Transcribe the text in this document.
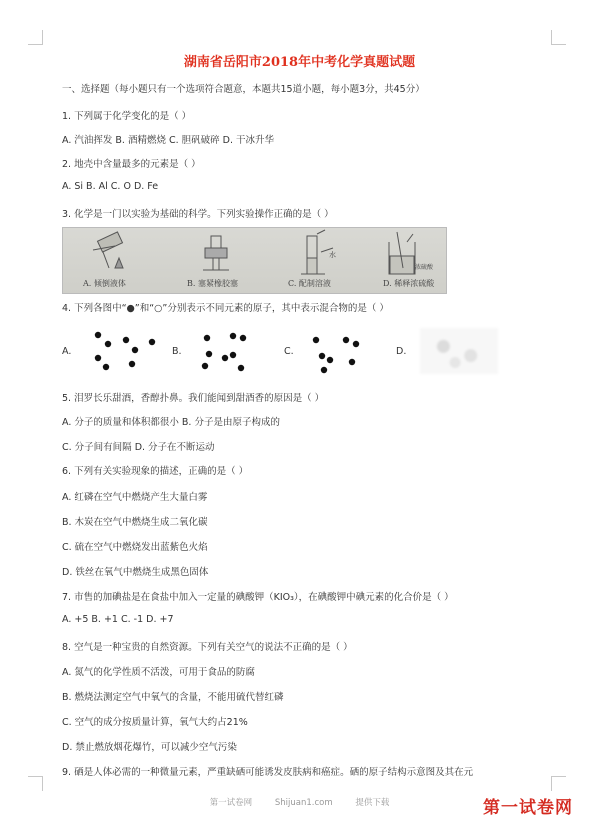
湖南省岳阳市2018年中考化学真题试题
一、选择题（每小题只有一个选项符合题意，本题共15道小题，每小题3分，共45分）
1. 下列属于化学变化的是（ ）
A. 汽油挥发 B. 酒精燃烧 C. 胆矾破碎 D. 干冰升华
2. 地壳中含量最多的元素是（ ）
A. Si B. Al C. O D. Fe
3. 化学是一门以实验为基础的科学。下列实验操作正确的是（ ）
A. 倾倒液体	B. 塞紧橡胶塞	C. 配制溶液	D. 稀释浓硫酸
水
浓硫酸
4. 下列各图中“●”和“○”分别表示不同元素的原子，其中表示混合物的是（ ）
A.	B.	C.	D.
5. 泪罗长乐甜酒，香醇扑鼻。我们能闻到甜酒香的原因是（ ）
A. 分子的质量和体积都很小 B. 分子是由原子构成的
C. 分子间有间隔 D. 分子在不断运动
6. 下列有关实验现象的描述，正确的是（ ）
A. 红磷在空气中燃烧产生大量白雾
B. 木炭在空气中燃烧生成二氧化碳
C. 硫在空气中燃烧发出蓝紫色火焰
D. 铁丝在氧气中燃烧生成黑色固体
7. 市售的加碘盐是在食盐中加入一定量的碘酸钾（KIO₃），在碘酸钾中碘元素的化合价是（ ）
A. +5 B. +1 C. -1 D. +7
8. 空气是一种宝贵的自然资源。下列有关空气的说法不正确的是（ ）
A. 氮气的化学性质不活泼，可用于食品的防腐
B. 燃烧法测定空气中氧气的含量，不能用硫代替红磷
C. 空气的成分按质量计算，氧气大约占21%
D. 禁止燃放烟花爆竹，可以减少空气污染
9. 硒是人体必需的一种微量元素，严重缺硒可能诱发皮肤病和癌症。硒的原子结构示意图及其在元
第一试卷网	Shijuan1.com	提供下载	第一试卷网
